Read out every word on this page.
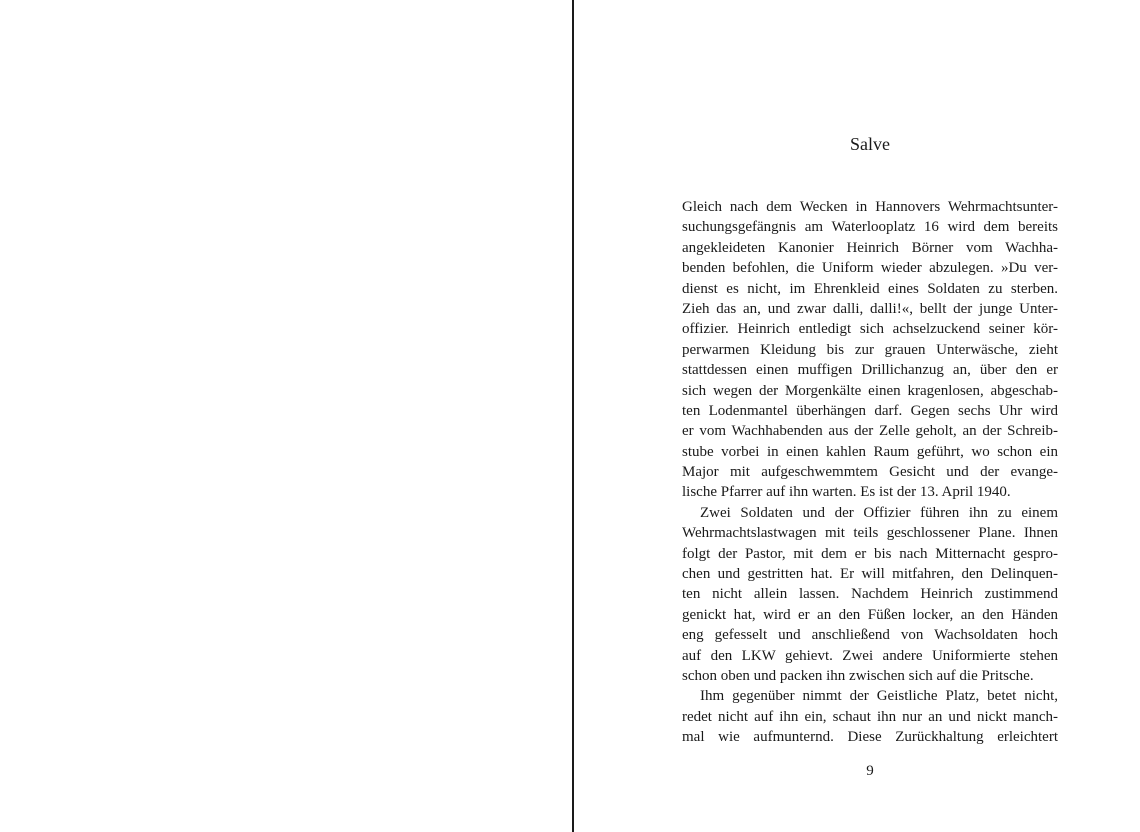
Salve
Gleich nach dem Wecken in Hannovers Wehrmachtsunter-
suchungsgefängnis am Waterlooplatz 16 wird dem bereits
angekleideten Kanonier Heinrich Börner vom Wachha-
benden befohlen, die Uniform wieder abzulegen. »Du ver-
dienst es nicht, im Ehrenkleid eines Soldaten zu sterben.
Zieh das an, und zwar dalli, dalli!«, bellt der junge Unter-
offizier. Heinrich entledigt sich achselzuckend seiner kör-
perwarmen Kleidung bis zur grauen Unterwäsche, zieht
stattdessen einen muffigen Drillichanzug an, über den er
sich wegen der Morgenkälte einen kragenlosen, abgeschab-
ten Lodenmantel überhängen darf. Gegen sechs Uhr wird
er vom Wachhabenden aus der Zelle geholt, an der Schreib-
stube vorbei in einen kahlen Raum geführt, wo schon ein
Major mit aufgeschwemmtem Gesicht und der evange-
lische Pfarrer auf ihn warten. Es ist der 13. April 1940.
Zwei Soldaten und der Offizier führen ihn zu einem
Wehrmachtslastwagen mit teils geschlossener Plane. Ihnen
folgt der Pastor, mit dem er bis nach Mitternacht gespro-
chen und gestritten hat. Er will mitfahren, den Delinquen-
ten nicht allein lassen. Nachdem Heinrich zustimmend
genickt hat, wird er an den Füßen locker, an den Händen
eng gefesselt und anschließend von Wachsoldaten hoch
auf den LKW gehievt. Zwei andere Uniformierte stehen
schon oben und packen ihn zwischen sich auf die Pritsche.
Ihm gegenüber nimmt der Geistliche Platz, betet nicht,
redet nicht auf ihn ein, schaut ihn nur an und nickt manch-
mal wie aufmunternd. Diese Zurückhaltung erleichtert
9
